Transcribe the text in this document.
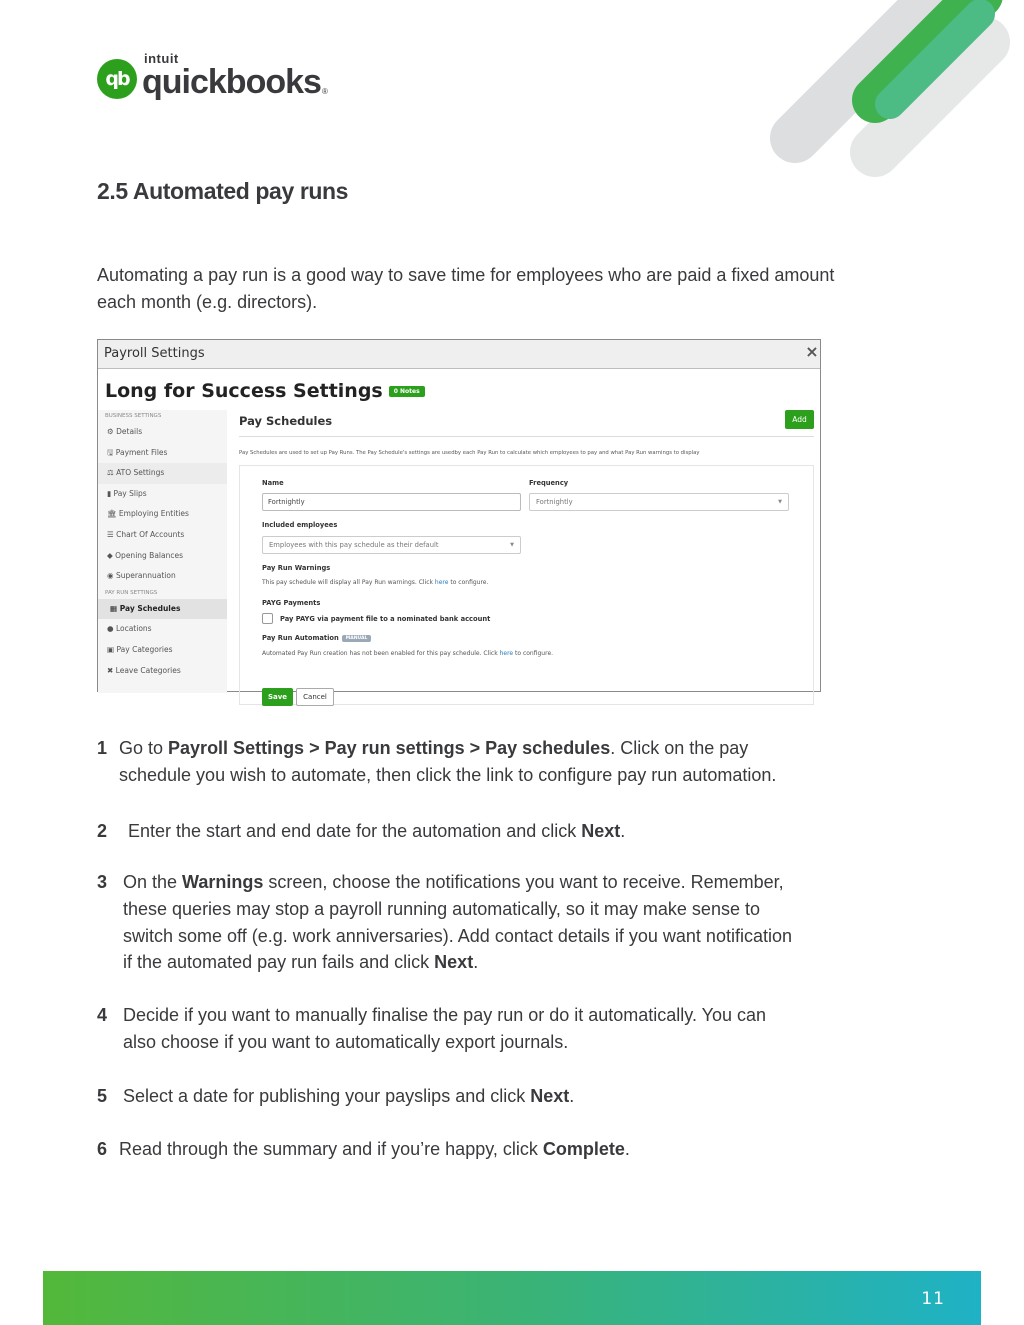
qb
intuit
quickbooks ®
2.5 Automated pay runs

Automating a pay run is a good way to save time for employees who are paid a fixed amount each month (e.g. directors).

Payroll Settings	×
Long for Success Settings	0 Notes
BUSINESS SETTINGS
⚙ Details
🖫 Payment Files
⚖ ATO Settings
▮ Pay Slips
🏛 Employing Entities
☰ Chart Of Accounts
◆ Opening Balances
◉ Superannuation
PAY RUN SETTINGS
▦ Pay Schedules
● Locations
▣ Pay Categories
✖ Leave Categories
Pay Schedules	Add
Pay Schedules are used to set up Pay Runs. The Pay Schedule's settings are usedby each Pay Run to calculate which employees to pay and what Pay Run warnings to display
Name
Fortnightly
Frequency
Fortnightly	▼
Included employees
Employees with this pay schedule as their default	▼
Pay Run Warnings
This pay schedule will display all Pay Run warnings. Click here to configure.
PAYG Payments
Pay PAYG via payment file to a nominated bank account
Pay Run Automation MANUAL
Automated Pay Run creation has not been enabled for this pay schedule. Click here to configure.
Save	Cancel
1 Go to Payroll Settings > Pay run settings > Pay schedules. Click on the pay
schedule you wish to automate, then click the link to configure pay run automation.
2 Enter the start and end date for the automation and click Next.
3 On the Warnings screen, choose the notifications you want to receive. Remember,
these queries may stop a payroll running automatically, so it may make sense to
switch some off (e.g. work anniversaries). Add contact details if you want notification
if the automated pay run fails and click Next.
4 Decide if you want to manually finalise the pay run or do it automatically. You can
also choose if you want to automatically export journals.
5 Select a date for publishing your payslips and click Next.
6 Read through the summary and if you’re happy, click Complete.
11
